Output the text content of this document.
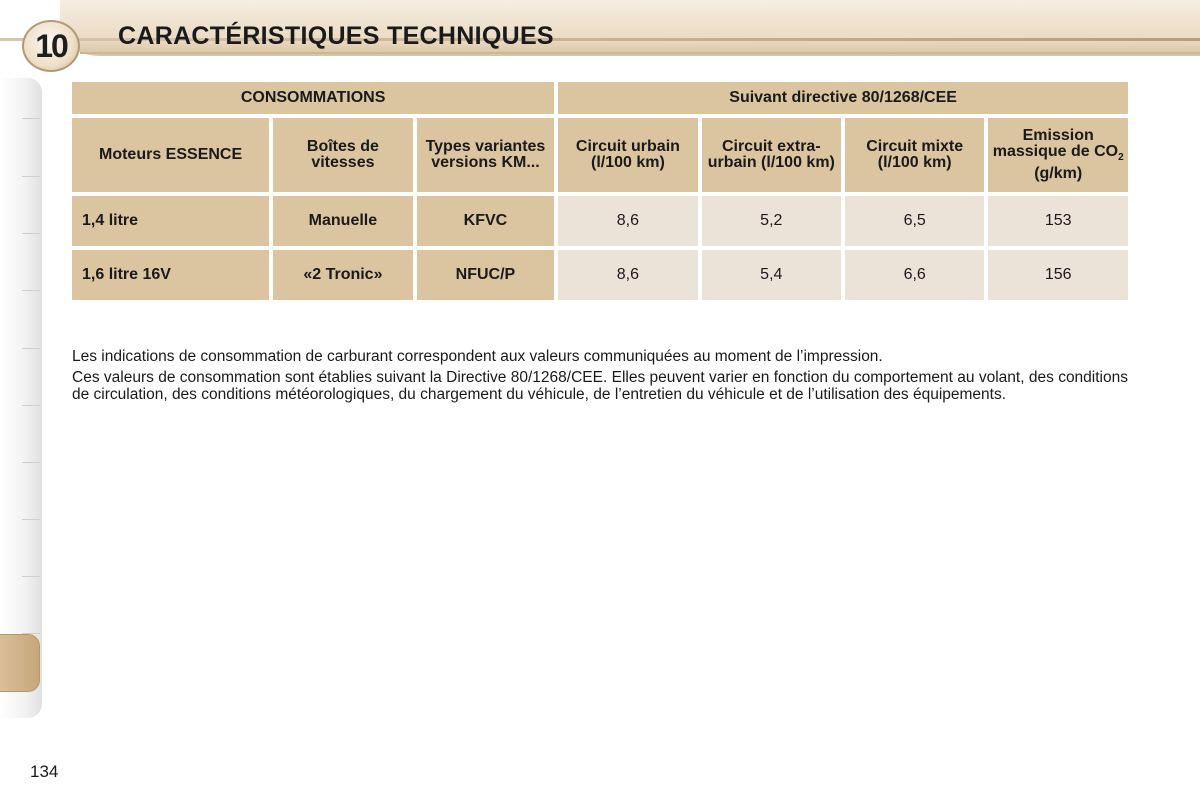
10 CARACTÉRISTIQUES TECHNIQUES
CONSOMMATIONS			Suivant directive 80/1268/CEE			
Moteurs ESSENCE	Boîtes de vitesses	Types variantes versions KM...	Circuit urbain (l/100 km)	Circuit extra-urbain (l/100 km)	Circuit mixte (l/100 km)	Emission massique de $CO_2$ (g/km)
1,4 litre	Manuelle	KFVC	8,6	5,2	6,5	153
1,6 litre 16V	«2 Tronic»	NFUC/P	8,6	5,4	6,6	156

Les indications de consommation de carburant correspondent aux valeurs communiquées au moment de l’impression.

Ces valeurs de consommation sont établies suivant la Directive 80/1268/CEE. Elles peuvent varier en fonction du comportement au volant, des conditions de circulation, des conditions météorologiques, du chargement du véhicule, de l’entretien du véhicule et de l’utilisation des équipements.

134
